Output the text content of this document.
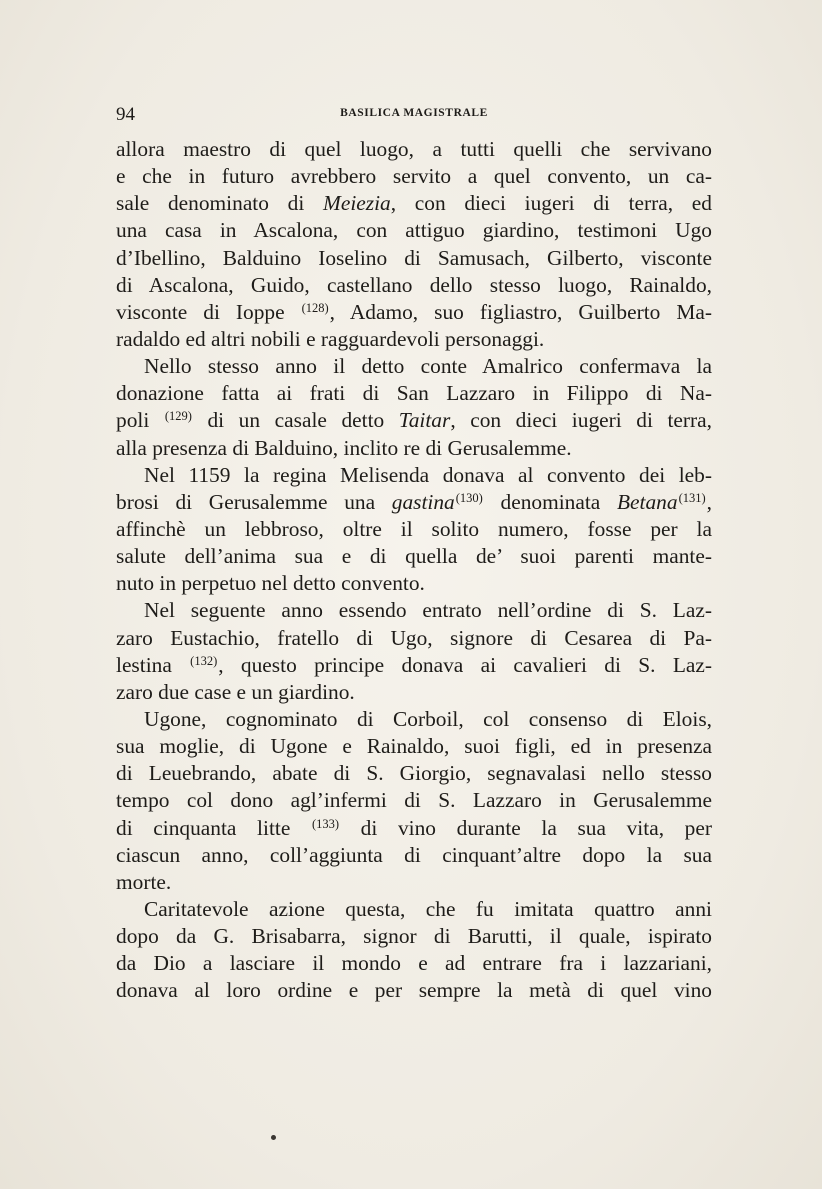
94	BASILICA MAGISTRALE
allora maestro di quel luogo, a tutti quelli che servivano
e che in futuro avrebbero servito a quel convento, un ca-
sale denominato di Meiezia, con dieci iugeri di terra, ed
una casa in Ascalona, con attiguo giardino, testimoni Ugo
d’Ibellino, Balduino Ioselino di Samusach, Gilberto, visconte
di Ascalona, Guido, castellano dello stesso luogo, Rainaldo,
visconte di Ioppe $^{(128)}$, Adamo, suo figliastro, Guilberto Ma-
radaldo ed altri nobili e ragguardevoli personaggi.
Nello stesso anno il detto conte Amalrico confermava la
donazione fatta ai frati di San Lazzaro in Filippo di Na-
poli $^{(129)}$ di un casale detto Taitar, con dieci iugeri di terra,
alla presenza di Balduino, inclito re di Gerusalemme.
Nel 1159 la regina Melisenda donava al convento dei leb-
brosi di Gerusalemme una gastina$^{(130)}$ denominata Betana$^{(131)}$,
affinchè un lebbroso, oltre il solito numero, fosse per la
salute dell’anima sua e di quella de’ suoi parenti mante-
nuto in perpetuo nel detto convento.
Nel seguente anno essendo entrato nell’ordine di S. Laz-
zaro Eustachio, fratello di Ugo, signore di Cesarea di Pa-
lestina $^{(132)}$, questo principe donava ai cavalieri di S. Laz-
zaro due case e un giardino.
Ugone, cognominato di Corboil, col consenso di Elois,
sua moglie, di Ugone e Rainaldo, suoi figli, ed in presenza
di Leuebrando, abate di S. Giorgio, segnavalasi nello stesso
tempo col dono agl’infermi di S. Lazzaro in Gerusalemme
di cinquanta litte $^{(133)}$ di vino durante la sua vita, per
ciascun anno, coll’aggiunta di cinquant’altre dopo la sua
morte.
Caritatevole azione questa, che fu imitata quattro anni
dopo da G. Brisabarra, signor di Barutti, il quale, ispirato
da Dio a lasciare il mondo e ad entrare fra i lazzariani,
donava al loro ordine e per sempre la metà di quel vino
